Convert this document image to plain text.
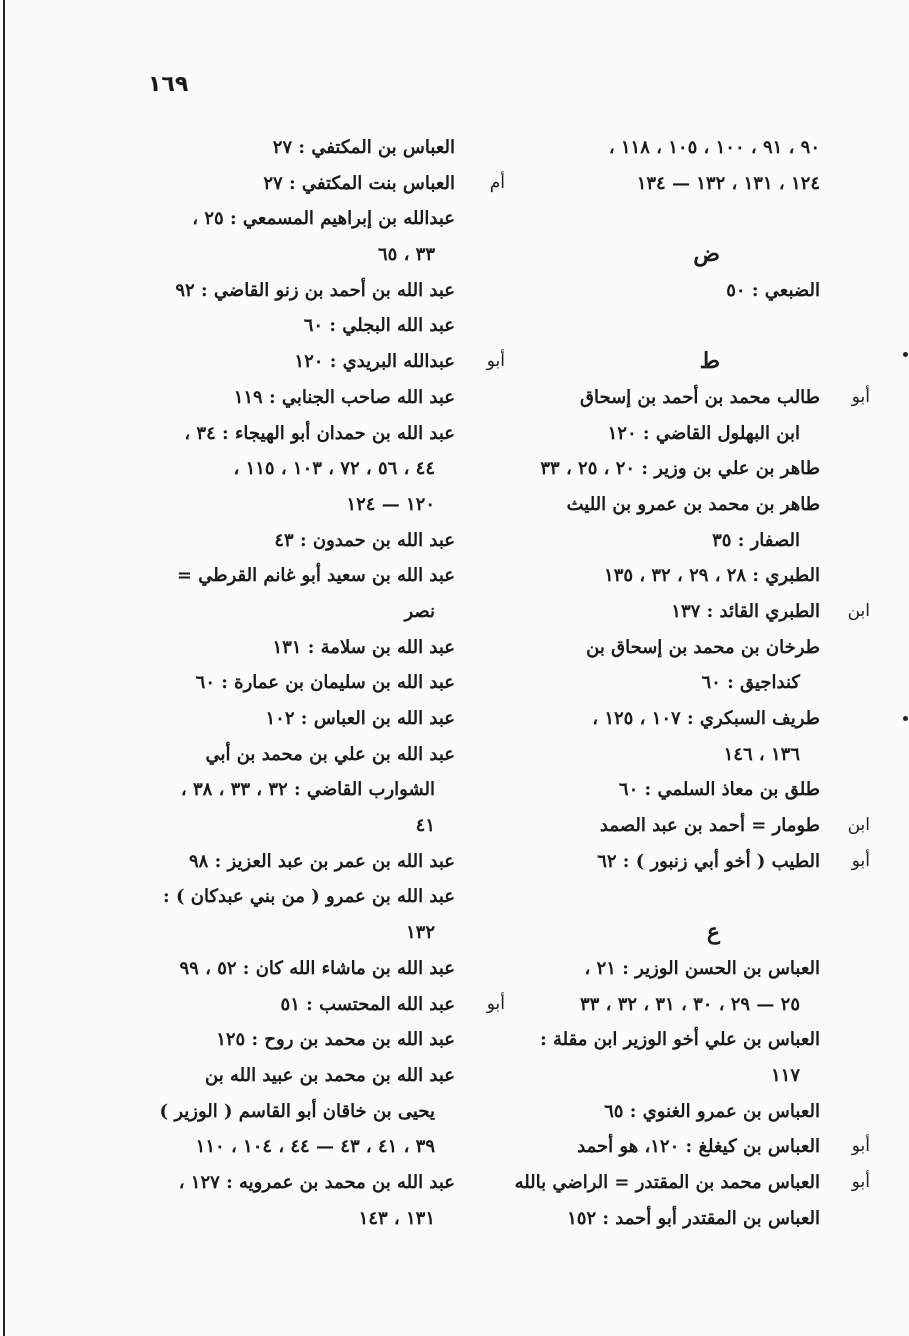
١٦٩
٩٠ ، ٩١ ، ١٠٠ ، ١٠٥ ، ١١٨ ،
١٢٤ ، ١٣١ ، ١٣٢ — ١٣٤
ض
الضبعي : ٥٠
ط
أبو
طالب محمد بن أحمد بن إسحاق
ابن البهلول القاضي : ١٢٠
طاهر بن علي بن وزير : ٢٠ ، ٢٥ ، ٣٣
طاهر بن محمد بن عمرو بن الليث
الصفار : ٣٥
الطبري : ٢٨ ، ٢٩ ، ٣٢ ، ١٣٥
ابن
الطبري القائد : ١٣٧
طرخان بن محمد بن إسحاق بن
كنداجيق : ٦٠
طريف السبكري : ١٠٧ ، ١٢٥ ،
١٣٦ ، ١٤٦
طلق بن معاذ السلمي : ٦٠
ابن
طومار = أحمد بن عبد الصمد
أبو
الطيب ( أخو أبي زنبور ) : ٦٢
ع
العباس بن الحسن الوزير : ٢١ ،
٢٥ — ٢٩ ، ٣٠ ، ٣١ ، ٣٢ ، ٣٣
العباس بن علي أخو الوزير ابن مقلة :
١١٧
العباس بن عمرو الغنوي : ٦٥
أبو
العباس بن كيغلغ : ١٢٠، هو أحمد
أبو
العباس محمد بن المقتدر = الراضي بالله
العباس بن المقتدر أبو أحمد : ١٥٢
العباس بن المكتفي : ٢٧
أم
العباس بنت المكتفي : ٢٧
عبدالله بن إبراهيم المسمعي : ٢٥ ،
٣٣ ، ٦٥
عبد الله بن أحمد بن زنو القاضي : ٩٢
عبد الله البجلي : ٦٠
أبو
عبدالله البريدي : ١٢٠
عبد الله صاحب الجنابي : ١١٩
عبد الله بن حمدان أبو الهيجاء : ٣٤ ،
٤٤ ، ٥٦ ، ٧٢ ، ١٠٣ ، ١١٥ ،
١٢٠ — ١٢٤
عبد الله بن حمدون : ٤٣
عبد الله بن سعيد أبو غانم القرطي =
نصر
عبد الله بن سلامة : ١٣١
عبد الله بن سليمان بن عمارة : ٦٠
عبد الله بن العباس : ١٠٢
عبد الله بن علي بن محمد بن أبي
الشوارب القاضي : ٣٢ ، ٣٣ ، ٣٨ ،
٤١
عبد الله بن عمر بن عبد العزيز : ٩٨
عبد الله بن عمرو ( من بني عبدكان ) :
١٣٢
عبد الله بن ماشاء الله كان : ٥٢ ، ٩٩
أبو
عبد الله المحتسب : ٥١
عبد الله بن محمد بن روح : ١٢٥
عبد الله بن محمد بن عبيد الله بن
يحيى بن خاقان أبو القاسم ( الوزير )
٣٩ ، ٤١ ، ٤٣ — ٤٤ ، ١٠٤ ، ١١٠
عبد الله بن محمد بن عمرويه : ١٢٧ ،
١٣١ ، ١٤٣
